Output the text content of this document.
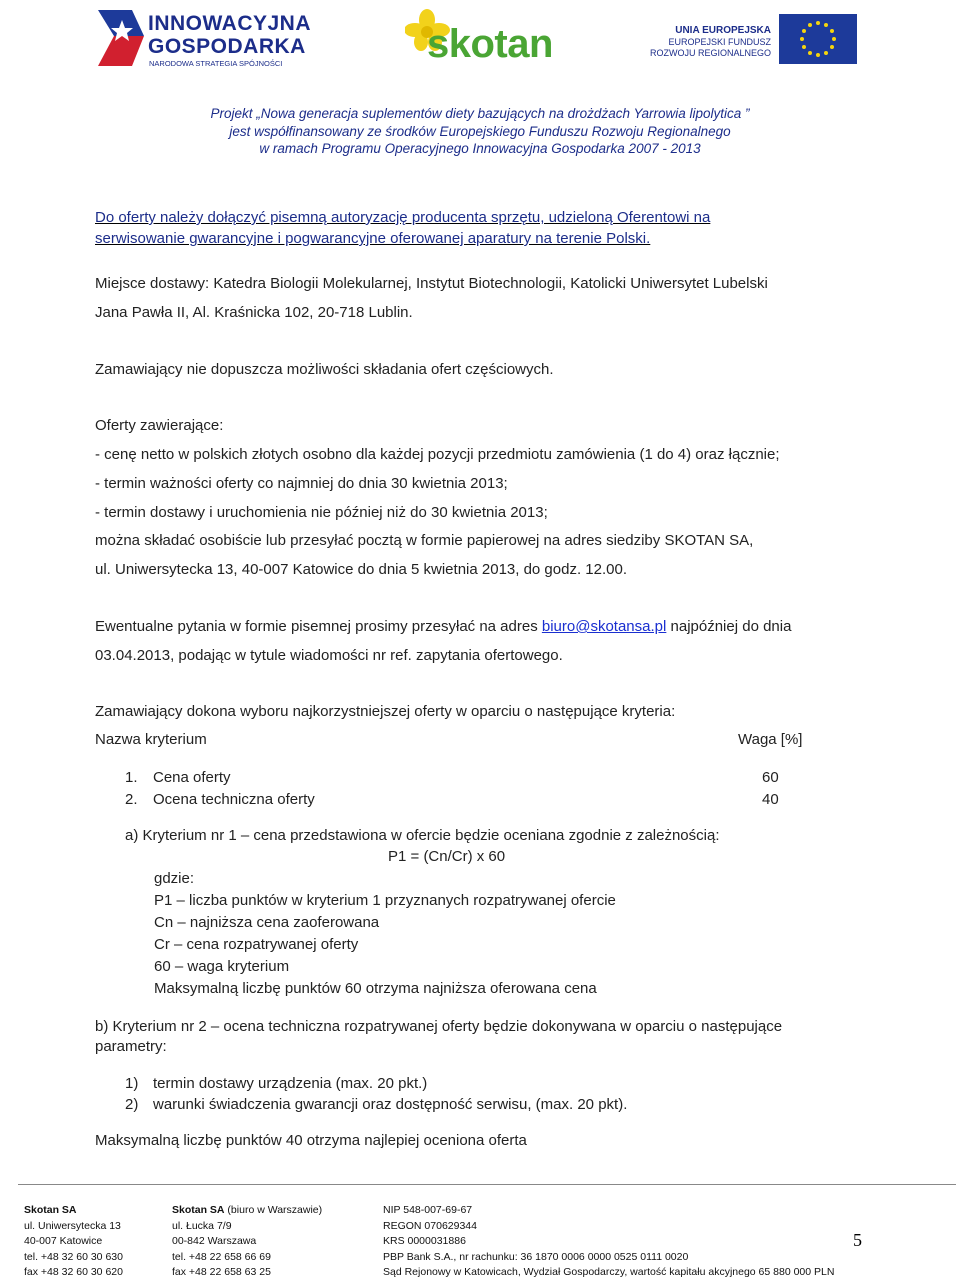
INNOWACYJNA
GOSPODARKA
NARODOWA STRATEGIA SPÓJNOŚCI	skotan	UNIA EUROPEJSKA
EUROPEJSKI FUNDUSZ
ROZWOJU REGIONALNEGO
Projekt „Nowa generacja suplementów diety bazujących na drożdżach Yarrowia lipolytica ”
jest współfinansowany ze środków Europejskiego Funduszu Rozwoju Regionalnego
w ramach Programu Operacyjnego Innowacyjna Gospodarka 2007 - 2013
Do oferty należy dołączyć pisemną autoryzację producenta sprzętu, udzieloną Oferentowi na
serwisowanie gwarancyjne i pogwarancyjne oferowanej aparatury na terenie Polski.
Miejsce dostawy: Katedra Biologii Molekularnej, Instytut Biotechnologii, Katolicki Uniwersytet Lubelski
Jana Pawła II, Al. Kraśnicka 102, 20-718 Lublin.
Zamawiający nie dopuszcza możliwości składania ofert częściowych.
Oferty zawierające:
- cenę netto w polskich złotych osobno dla każdej pozycji przedmiotu zamówienia (1 do 4) oraz łącznie;
- termin ważności oferty co najmniej do dnia 30 kwietnia 2013;
- termin dostawy i uruchomienia nie później niż do 30 kwietnia 2013;
można składać osobiście lub przesyłać pocztą w formie papierowej na adres siedziby SKOTAN SA,
ul. Uniwersytecka 13, 40-007 Katowice do dnia 5 kwietnia 2013, do godz. 12.00.
Ewentualne pytania w formie pisemnej prosimy przesyłać na adres biuro@skotansa.pl najpóźniej do dnia
03.04.2013, podając w tytule wiadomości nr ref. zapytania ofertowego.
Zamawiający dokona wyboru najkorzystniejszej oferty w oparciu o następujące kryteria:
Nazwa kryterium	Waga [%]
1. Cena oferty	60
2. Ocena techniczna oferty	40
a) Kryterium nr 1 – cena przedstawiona w ofercie będzie oceniana zgodnie z zależnością:
P1 = (Cn/Cr) x 60
gdzie:
P1 – liczba punktów w kryterium 1 przyznanych rozpatrywanej ofercie
Cn – najniższa cena zaoferowana
Cr – cena rozpatrywanej oferty
60 – waga kryterium
Maksymalną liczbę punktów 60 otrzyma najniższa oferowana cena
b) Kryterium nr 2 – ocena techniczna rozpatrywanej oferty będzie dokonywana w oparciu o następujące
parametry:
1) termin dostawy urządzenia (max. 20 pkt.)
2) warunki świadczenia gwarancji oraz dostępność serwisu, (max. 20 pkt).
Maksymalną liczbę punktów 40 otrzyma najlepiej oceniona oferta
Skotan SA
ul. Uniwersytecka 13
40-007 Katowice
tel. +48 32 60 30 630
fax +48 32 60 30 620
Skotan SA (biuro w Warszawie)
ul. Łucka 7/9
00-842 Warszawa
tel. +48 22 658 66 69
fax +48 22 658 63 25
NIP 548-007-69-67
REGON 070629344
KRS 0000031886
PBP Bank S.A., nr rachunku: 36 1870 0006 0000 0525 0111 0020
Sąd Rejonowy w Katowicach, Wydział Gospodarczy, wartość kapitału akcyjnego 65 880 000 PLN
5
